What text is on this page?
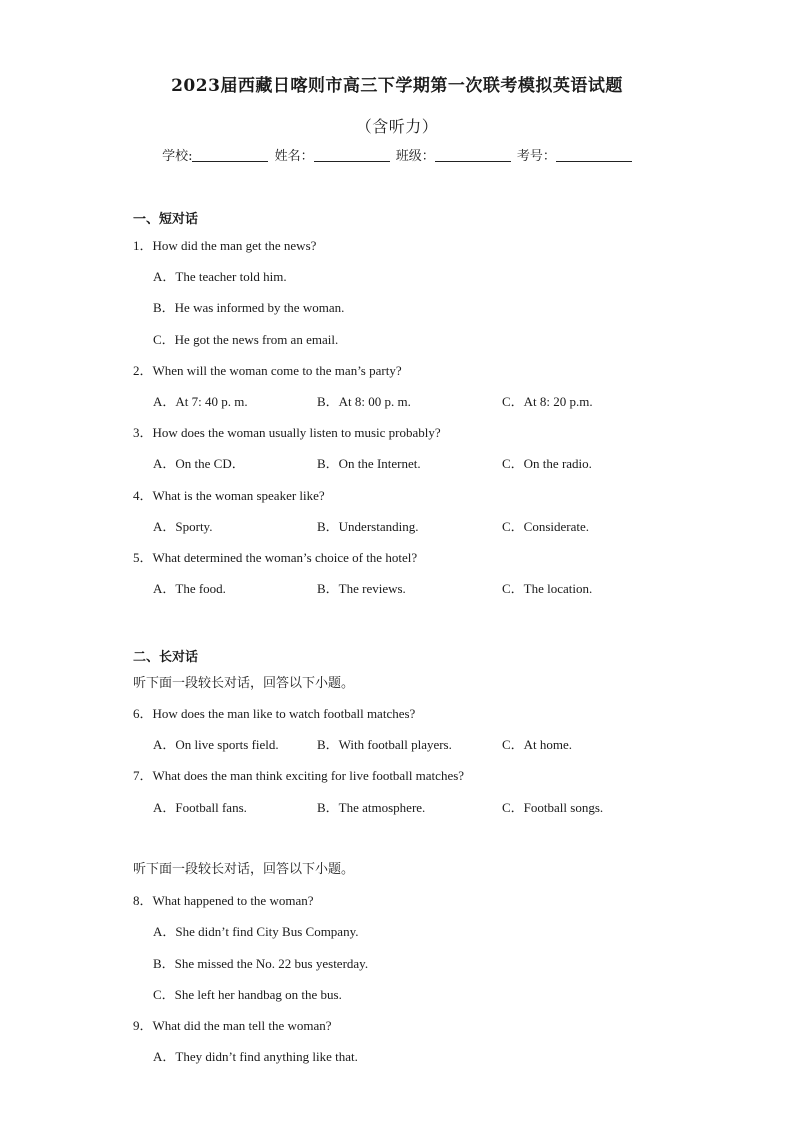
2023届西藏日喀则市高三下学期第一次联考模拟英语试题
（含听力）
学校:	姓名：	班级：	考号：
一、短对话
1．How did the man get the news?
A．The teacher told him.
B．He was informed by the woman.
C．He got the news from an email.
2．When will the woman come to the man’s party?
A．At 7: 40 p. m.	B．At 8: 00 p. m.	C．At 8: 20 p.m.
3．How does the woman usually listen to music probably?
A．On the CD．	B．On the Internet.	C．On the radio.
4．What is the woman speaker like?
A．Sporty.	B．Understanding.	C．Considerate.
5．What determined the woman’s choice of the hotel?
A．The food.	B．The reviews.	C．The location.
二、长对话
听下面一段较长对话，回答以下小题。
6．How does the man like to watch football matches?
A．On live sports field.	B．With football players.	C．At home.
7．What does the man think exciting for live football matches?
A．Football fans.	B．The atmosphere.	C．Football songs.
听下面一段较长对话，回答以下小题。
8．What happened to the woman?
A．She didn’t find City Bus Company.
B．She missed the No. 22 bus yesterday.
C．She left her handbag on the bus.
9．What did the man tell the woman?
A．They didn’t find anything like that.
